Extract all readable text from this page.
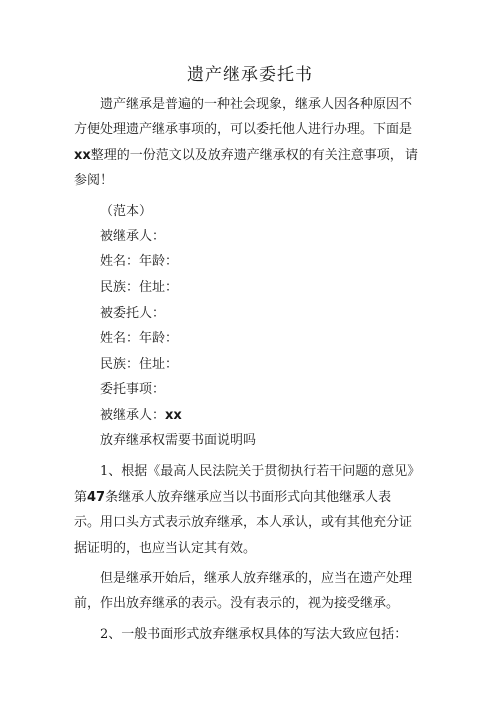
遗产继承委托书
遗产继承是普遍的一种社会现象，继承人因各种原因不
方便处理遗产继承事项的，可以委托他人进行办理。下面是
xx整理的一份范文以及放弃遗产继承权的有关注意事项， 请
参阅！
（范本）
被继承人：
姓名：年龄：
民族：住址：
被委托人：
姓名：年龄：
民族：住址：
委托事项：
被继承人：xx
放弃继承权需要书面说明吗
1、根据《最高人民法院关于贯彻执行若干问题的意见》
第47条继承人放弃继承应当以书面形式向其他继承人表
示。用口头方式表示放弃继承，本人承认，或有其他充分证
据证明的，也应当认定其有效。
但是继承开始后，继承人放弃继承的，应当在遗产处理
前，作出放弃继承的表示。没有表示的，视为接受继承。
2、一般书面形式放弃继承权具体的写法大致应包括：
